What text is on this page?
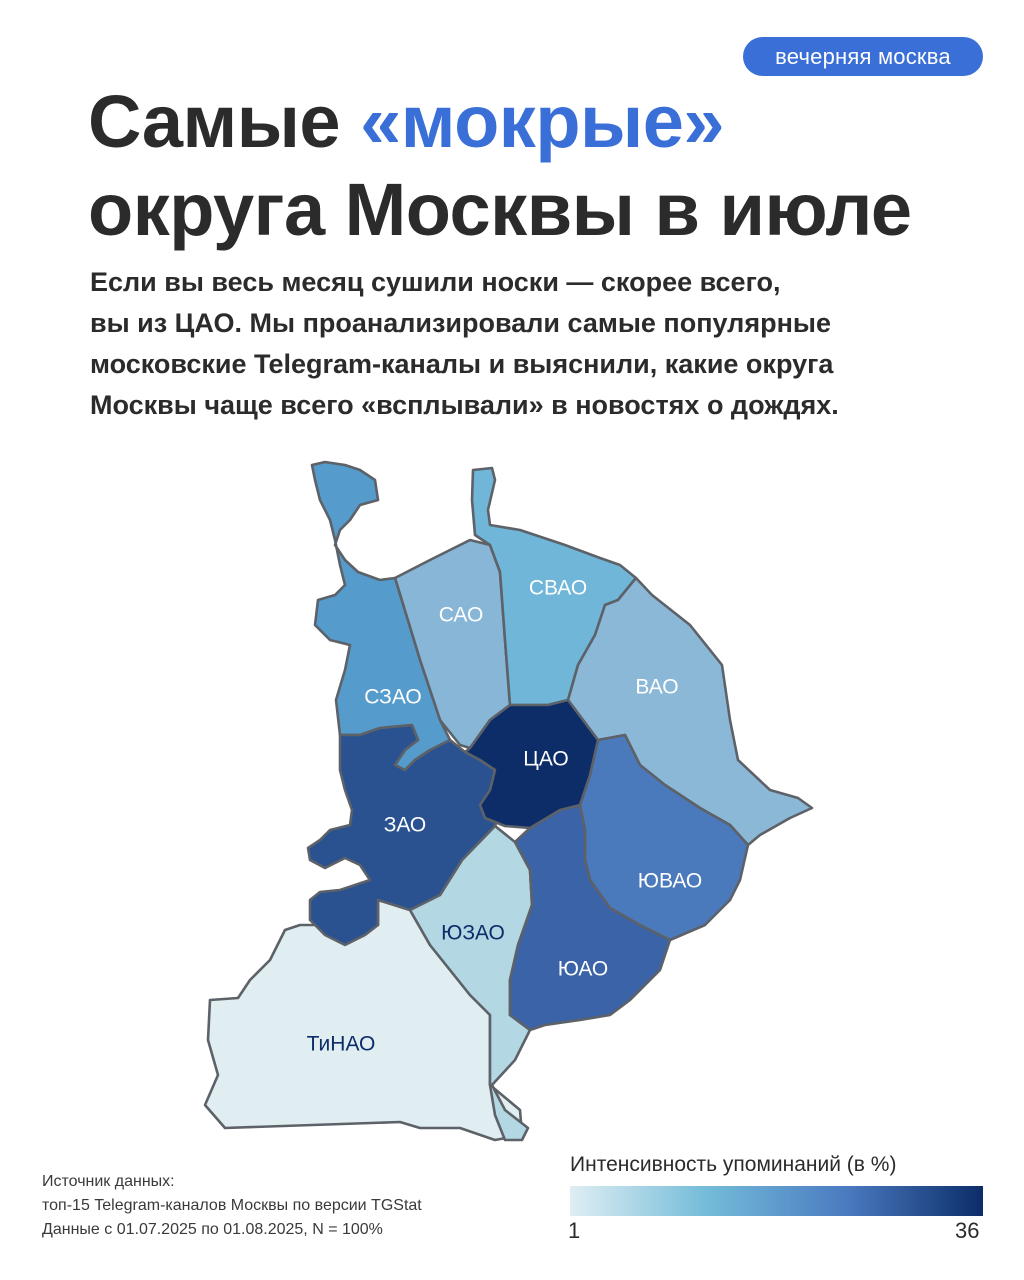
вечерняя москва
Самые «мокрые»
округа Москвы в июле

Если вы весь месяц сушили носки — скорее всего,
вы из ЦАО. Мы проанализировали самые популярные
московские Telegram-каналы и выяснили, какие округа
Москвы чаще всего «всплывали» в новостях о дождях.

САО
СВАО
ВАО
СЗАО
ЦАО
ЗАО
ЮВАО
ЮЗАО
ЮАО
ТиНАО
Источник данных:
топ-15 Telegram-каналов Москвы по версии TGStat
Данные с 01.07.2025 по 01.08.2025, N = 100%
Интенсивность упоминаний (в %)
1	36
